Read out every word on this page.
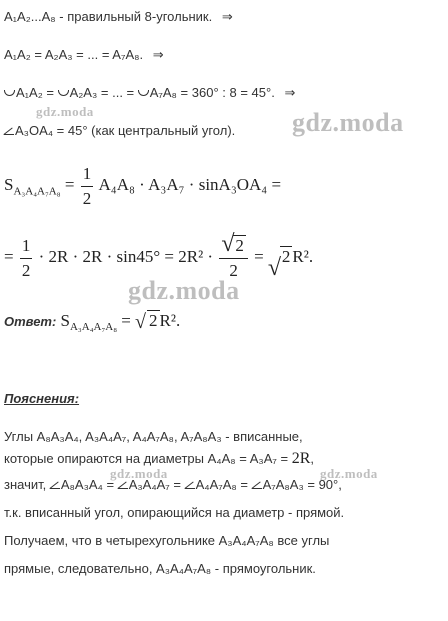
gdz.moda	gdz.moda
gdz.moda
gdz.moda	gdz.moda
A₁A₂...A₈ - правильный 8-угольник. ⇒
A₁A₂ = A₂A₃ = ... = A₇A₈. ⇒
A₁A₂ = A₂A₃ = ... = A₇A₈ = 360° : 8 = 45°. ⇒
A₃OA₄ = 45° (как центральный угол).
$S_{A_3A_4A_7A_8} = \frac{1}{2} A_4A_8 \cdot A_3A_7 \cdot \sin A_3OA_4$ =
= $\frac{1}{2} \cdot 2R \cdot 2R \cdot \sin 45^\circ = 2R^2 \cdot \frac{√ 2}{2}$ = √ 2 R².
Ответ: $S_{A_3A_4A_7A_8}$ = √ 2 R².
Пояснения:
Углы A₈A₃A₄, A₃A₄A₇, A₄A₇A₈, A₇A₈A₃ - вписанные,
которые опираются на диаметры A₄A₈ = A₃A₇ = 2R,
значит, A₈A₃A₄ = A₃A₄A₇ = A₄A₇A₈ = A₇A₈A₃ = 90°,
т.к. вписанный угол, опирающийся на диаметр - прямой.
Получаем, что в четырехугольнике A₃A₄A₇A₈ все углы
прямые, следовательно, A₃A₄A₇A₈ - прямоугольник.
